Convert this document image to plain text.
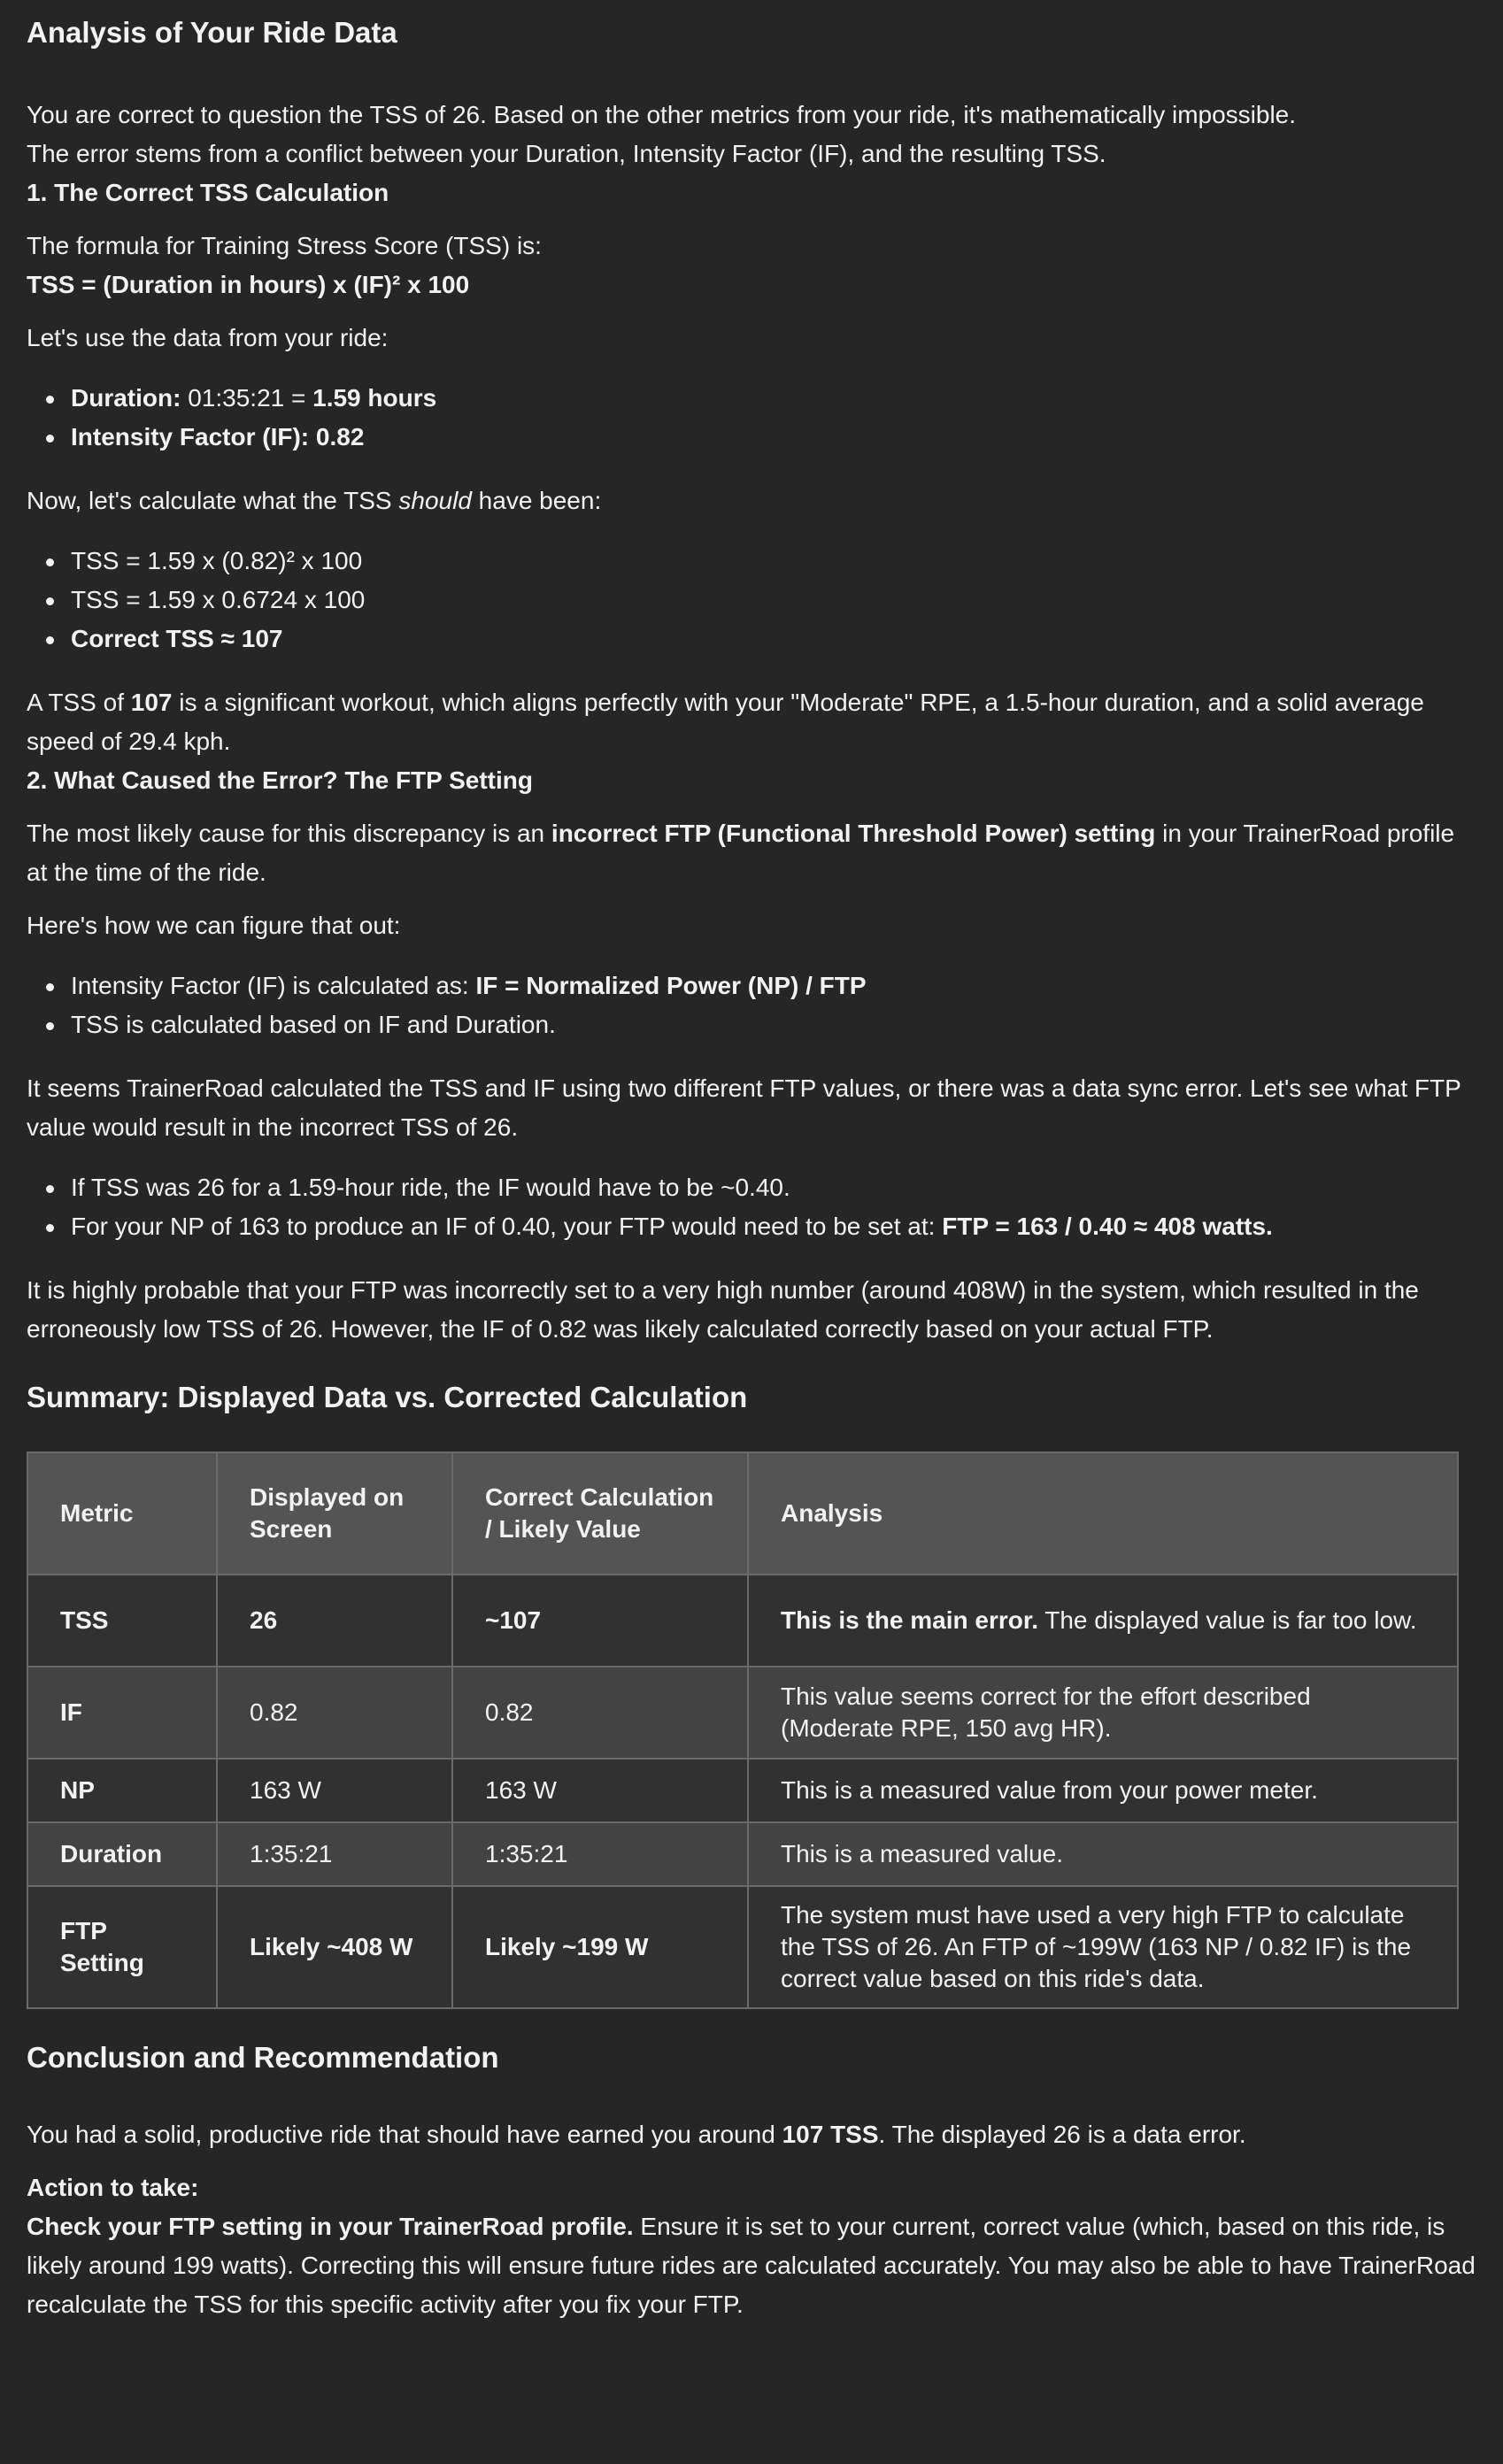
Analysis of Your Ride Data

You are correct to question the TSS of 26. Based on the other metrics from your ride, it's mathematically impossible.

The error stems from a conflict between your Duration, Intensity Factor (IF), and the resulting TSS.

1. The Correct TSS Calculation

The formula for Training Stress Score (TSS) is:

TSS = (Duration in hours) x (IF)² x 100

Let's use the data from your ride:

Duration: 01:35:21 = 1.59 hours
Intensity Factor (IF): 0.82

Now, let's calculate what the TSS should have been:

TSS = 1.59 x (0.82)² x 100
TSS = 1.59 x 0.6724 x 100
Correct TSS ≈ 107

A TSS of 107 is a significant workout, which aligns perfectly with your "Moderate" RPE, a 1.5-hour duration, and a solid average speed of 29.4 kph.

2. What Caused the Error? The FTP Setting

The most likely cause for this discrepancy is an incorrect FTP (Functional Threshold Power) setting in your TrainerRoad profile at the time of the ride.

Here's how we can figure that out:

Intensity Factor (IF) is calculated as: IF = Normalized Power (NP) / FTP
TSS is calculated based on IF and Duration.

It seems TrainerRoad calculated the TSS and IF using two different FTP values, or there was a data sync error. Let's see what FTP value would result in the incorrect TSS of 26.

If TSS was 26 for a 1.59-hour ride, the IF would have to be ~0.40.
For your NP of 163 to produce an IF of 0.40, your FTP would need to be set at: FTP = 163 / 0.40 ≈ 408 watts.

It is highly probable that your FTP was incorrectly set to a very high number (around 408W) in the system, which resulted in the erroneously low TSS of 26. However, the IF of 0.82 was likely calculated correctly based on your actual FTP.

Summary: Displayed Data vs. Corrected Calculation
Metric	Displayed on Screen	Correct Calculation / Likely Value	Analysis
TSS	26	~107	This is the main error. The displayed value is far too low.
IF	0.82	0.82	This value seems correct for the effort described (Moderate RPE, 150 avg HR).
NP	163 W	163 W	This is a measured value from your power meter.
Duration	1:35:21	1:35:21	This is a measured value.
FTP Setting	Likely ~408 W	Likely ~199 W	The system must have used a very high FTP to calculate the TSS of 26. An FTP of ~199W (163 NP / 0.82 IF) is the correct value based on this ride's data.
Conclusion and Recommendation

You had a solid, productive ride that should have earned you around 107 TSS. The displayed 26 is a data error.

Action to take:

Check your FTP setting in your TrainerRoad profile. Ensure it is set to your current, correct value (which, based on this ride, is likely around 199 watts). Correcting this will ensure future rides are calculated accurately. You may also be able to have TrainerRoad recalculate the TSS for this specific activity after you fix your FTP.
